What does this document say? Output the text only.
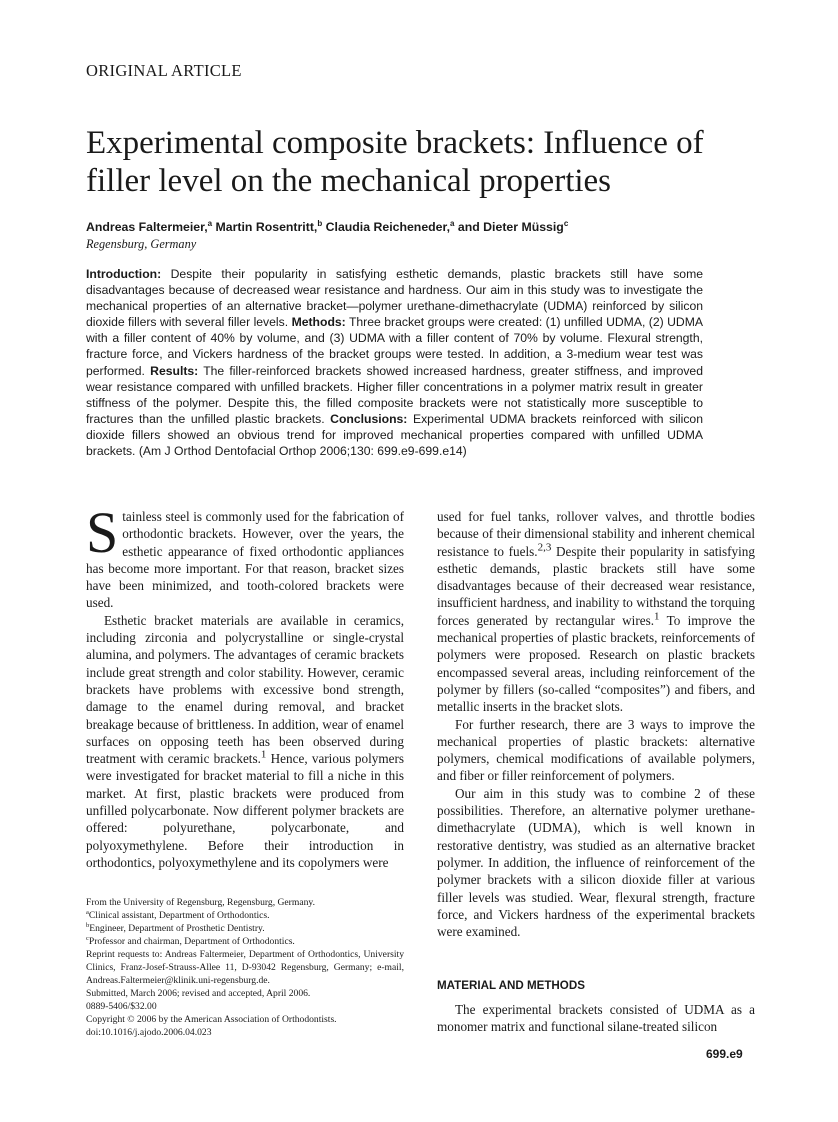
ORIGINAL ARTICLE
Experimental composite brackets: Influence of filler level on the mechanical properties
Andreas Faltermeier,$^a$ Martin Rosentritt,$^b$ Claudia Reicheneder,$^a$ and Dieter Müssig$^c$
Regensburg, Germany
Introduction: Despite their popularity in satisfying esthetic demands, plastic brackets still have some disadvantages because of decreased wear resistance and hardness. Our aim in this study was to investigate the mechanical properties of an alternative bracket—polymer urethane-dimethacrylate (UDMA) reinforced by silicon dioxide fillers with several filler levels. Methods: Three bracket groups were created: (1) unfilled UDMA, (2) UDMA with a filler content of 40% by volume, and (3) UDMA with a filler content of 70% by volume. Flexural strength, fracture force, and Vickers hardness of the bracket groups were tested. In addition, a 3-medium wear test was performed. Results: The filler-reinforced brackets showed increased hardness, greater stiffness, and improved wear resistance compared with unfilled brackets. Higher filler concentrations in a polymer matrix result in greater stiffness of the polymer. Despite this, the filled composite brackets were not statistically more susceptible to fractures than the unfilled plastic brackets. Conclusions: Experimental UDMA brackets reinforced with silicon dioxide fillers showed an obvious trend for improved mechanical properties compared with unfilled UDMA brackets. (Am J Orthod Dentofacial Orthop 2006;130: 699.e9-699.e14)

Stainless steel is commonly used for the fabrication of orthodontic brackets. However, over the years, the esthetic appearance of fixed orthodontic appliances has become more important. For that reason, bracket sizes have been minimized, and tooth-colored brackets were used.

Esthetic bracket materials are available in ceramics, including zirconia and polycrystalline or single-crystal alumina, and polymers. The advantages of ceramic brackets include great strength and color stability. However, ceramic brackets have problems with excessive bond strength, damage to the enamel during removal, and bracket breakage because of brittleness. In addition, wear of enamel surfaces on opposing teeth has been observed during treatment with ceramic brackets.$^1$ Hence, various polymers were investigated for bracket material to fill a niche in this market. At first, plastic brackets were produced from unfilled polycarbonate. Now different polymer brackets are offered: polyurethane, polycarbonate, and polyoxymethylene. Before their introduction in orthodontics, polyoxymethylene and its copolymers were

From the University of Regensburg, Regensburg, Germany.
$^a$Clinical assistant, Department of Orthodontics.
$^b$Engineer, Department of Prosthetic Dentistry.
$^c$Professor and chairman, Department of Orthodontics.
Reprint requests to: Andreas Faltermeier, Department of Orthodontics, University Clinics, Franz-Josef-Strauss-Allee 11, D-93042 Regensburg, Germany; e-mail, Andreas.Faltermeier@klinik.uni-regensburg.de.
Submitted, March 2006; revised and accepted, April 2006.
0889-5406/$32.00
Copyright © 2006 by the American Association of Orthodontists.
doi:10.1016/j.ajodo.2006.04.023

used for fuel tanks, rollover valves, and throttle bodies because of their dimensional stability and inherent chemical resistance to fuels.$^{2,3}$ Despite their popularity in satisfying esthetic demands, plastic brackets still have some disadvantages because of their decreased wear resistance, insufficient hardness, and inability to withstand the torquing forces generated by rectangular wires.$^1$ To improve the mechanical properties of plastic brackets, reinforcements of polymers were proposed. Research on plastic brackets encompassed several areas, including reinforcement of the polymer by fillers (so-called “composites”) and fibers, and metallic inserts in the bracket slots.

For further research, there are 3 ways to improve the mechanical properties of plastic brackets: alternative polymers, chemical modifications of available polymers, and fiber or filler reinforcement of polymers.

Our aim in this study was to combine 2 of these possibilities. Therefore, an alternative polymer urethane-dimethacrylate (UDMA), which is well known in restorative dentistry, was studied as an alternative bracket polymer. In addition, the influence of reinforcement of the polymer brackets with a silicon dioxide filler at various filler levels was studied. Wear, flexural strength, fracture force, and Vickers hardness of the experimental brackets were examined.

MATERIAL AND METHODS
The experimental brackets consisted of UDMA as a monomer matrix and functional silane-treated silicon
699.e9
